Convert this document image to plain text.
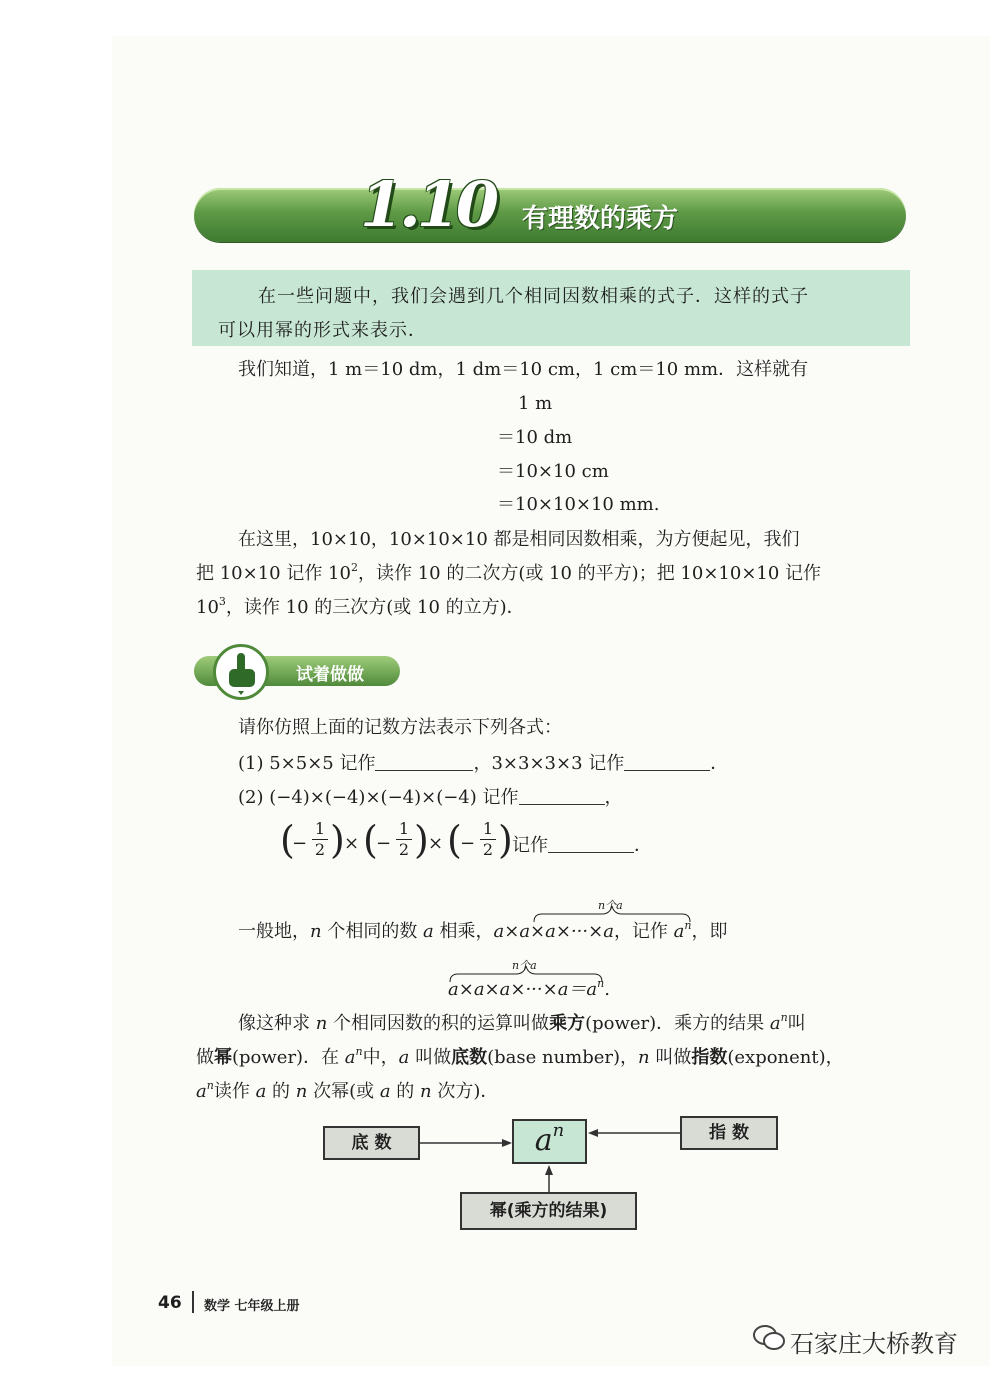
1.10 有理数的乘方
在一些问题中，我们会遇到几个相同因数相乘的式子．这样的式子
可以用幂的形式来表示．
我们知道，1 m＝10 dm，1 dm＝10 cm，1 cm＝10 mm．这样就有
1 m
＝10 dm
＝10×10 cm
＝10×10×10 mm.
在这里，10×10，10×10×10 都是相同因数相乘，为方便起见，我们
把 10×10 记作 $10^2$，读作 10 的二次方(或 10 的平方)；把 10×10×10 记作
$10^3$，读作 10 的三次方(或 10 的立方)．
试着做做
请你仿照上面的记数方法表示下列各式：
(1) 5×5×5 记作	，3×3×3×3 记作	．
(2) (−4)×(−4)×(−4)×(−4) 记作	，
(
−
1
2 ) × (
−
1
2 ) × (
−
1
2 ) 记作	．
一般地，n 个相同的数 a 相乘，a×a×a×···×a，记作 $a^n$，即
n个a
n个a
$a\times a\times a\times\cdot\cdot\cdot\times a=a^n$.
像这种求 n 个相同因数的积的运算叫做乘方(power)．乘方的结果 $a^n$叫
做幂(power)．在 $a^n$中，a 叫做底数(base number)，n 叫做指数(exponent)，
$a^n$读作 a 的 n 次幂(或 a 的 n 次方)．
底 数	指 数
幂(乘方的结果)
$a^n$
46 数学 七年级上册
石家庄大桥教育
